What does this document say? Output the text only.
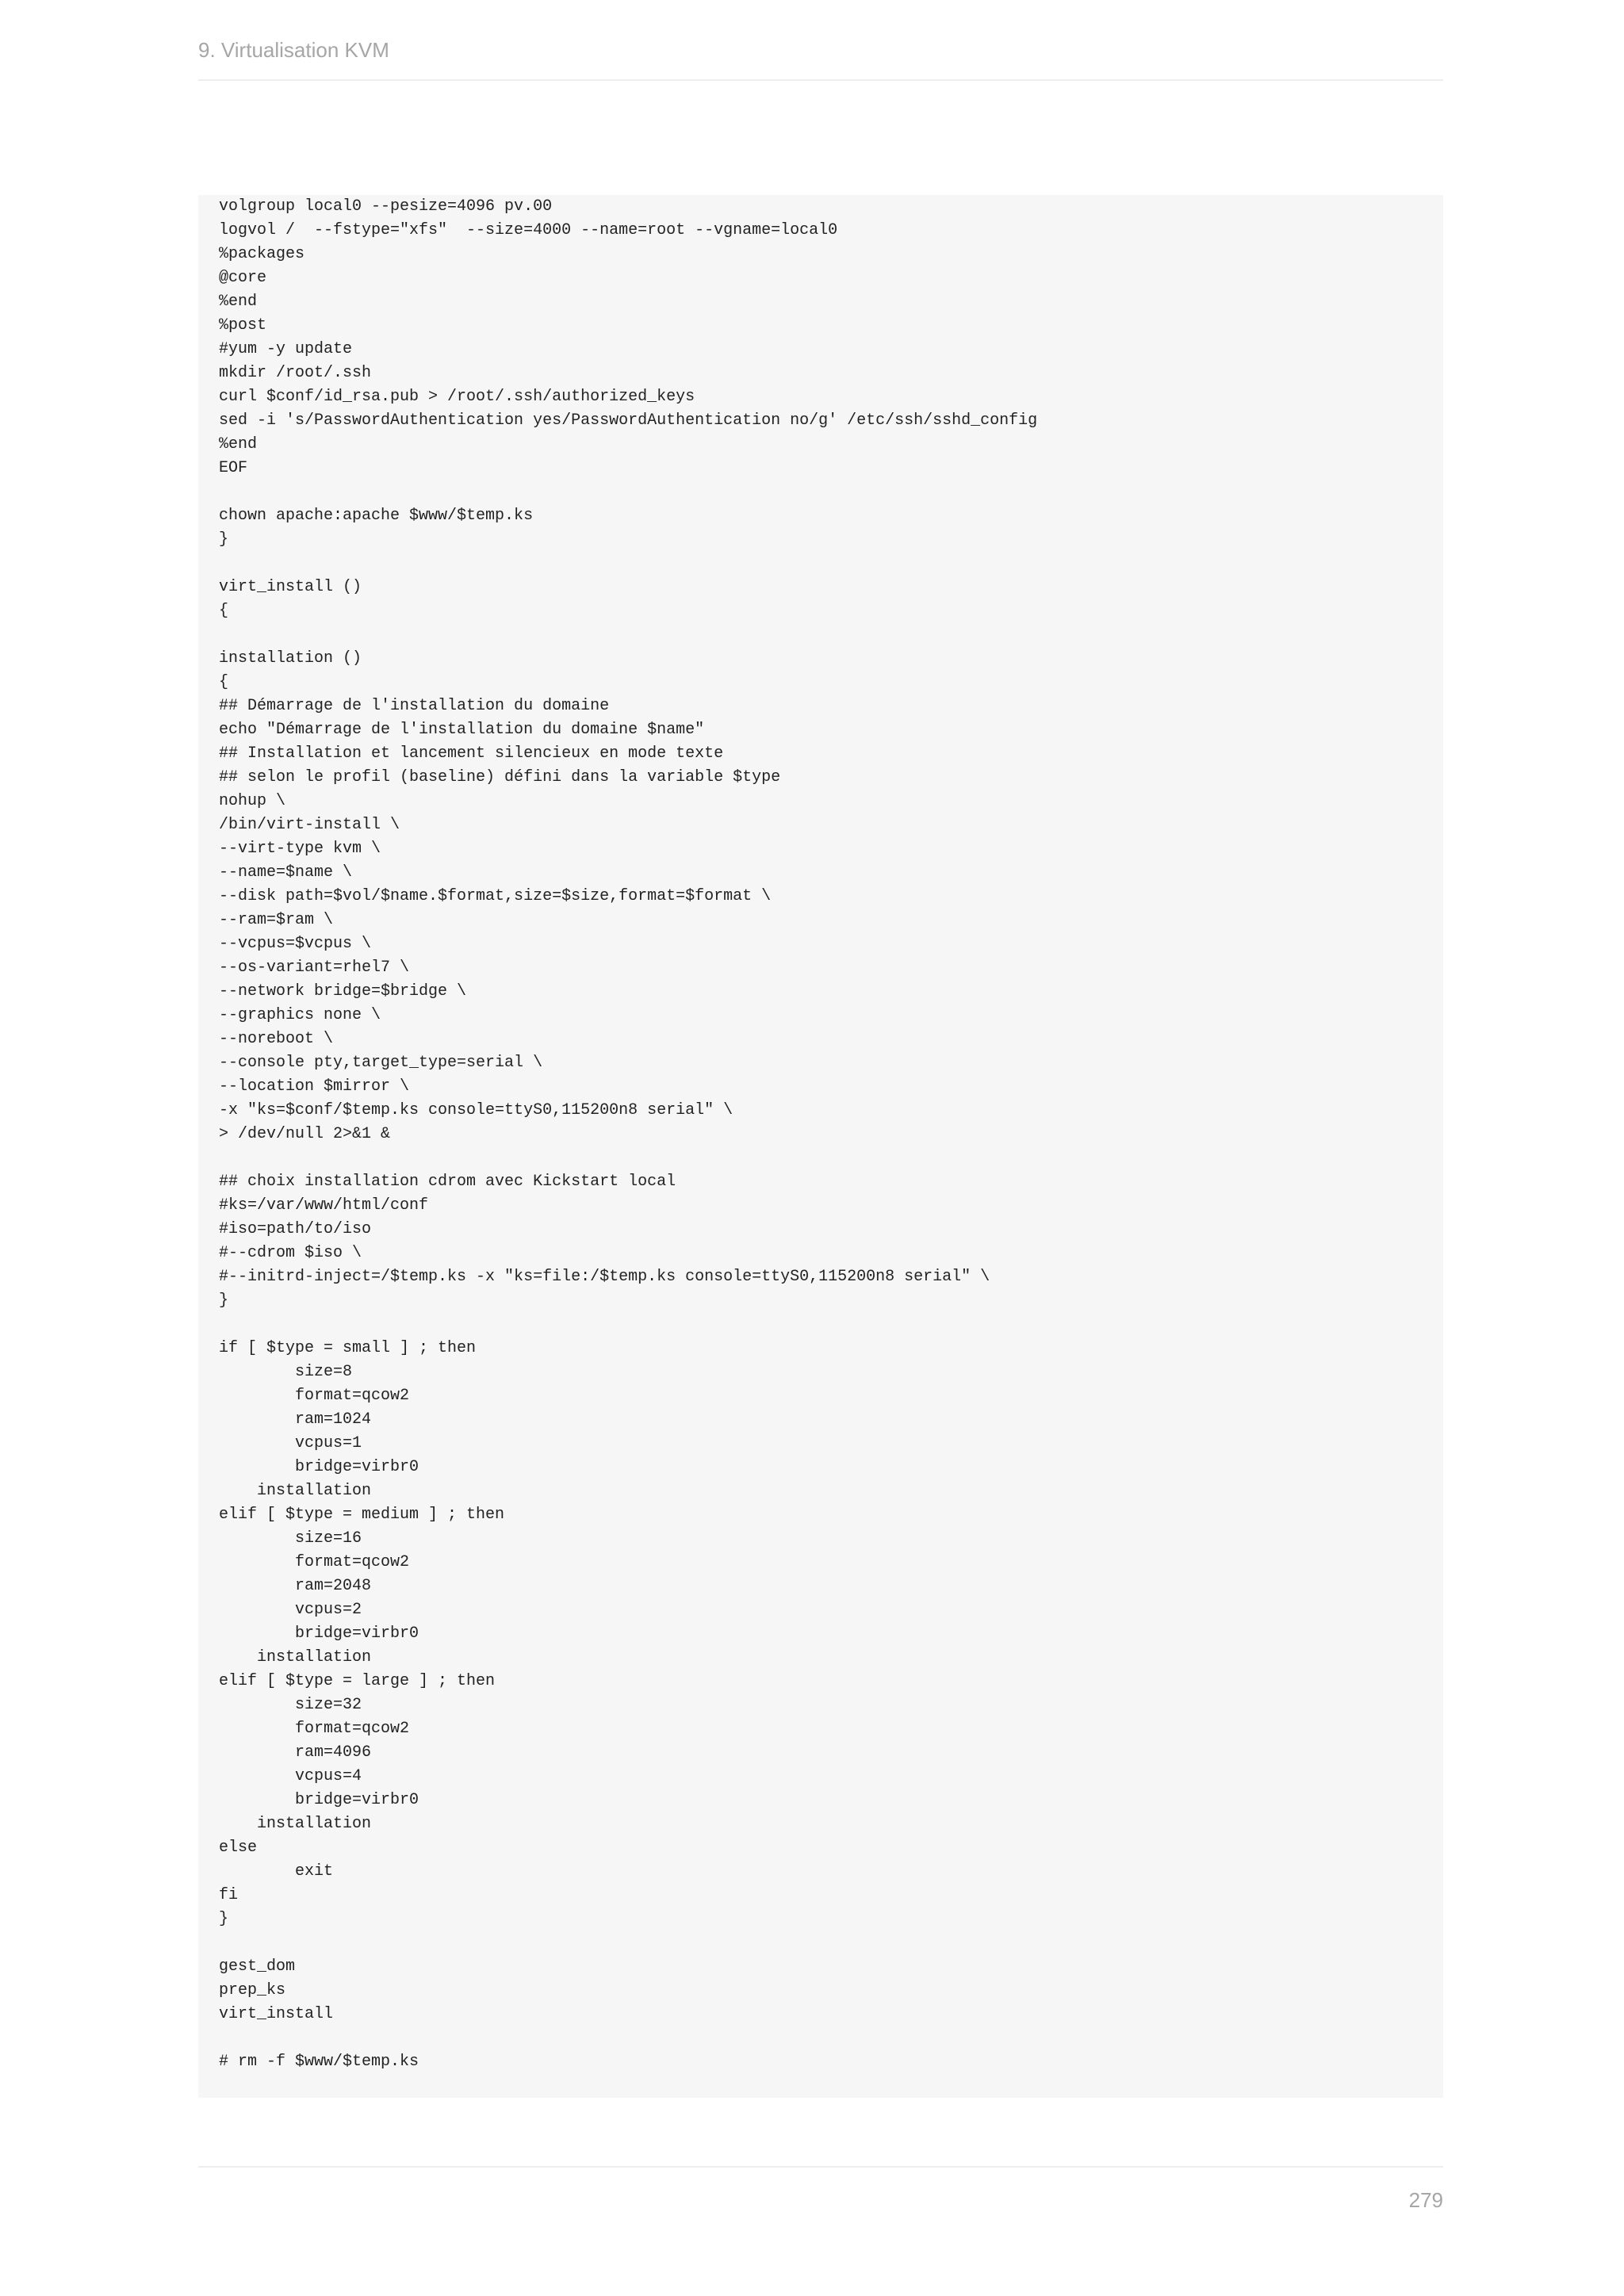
9. Virtualisation KVM
volgroup local0 --pesize=4096 pv.00
logvol /  --fstype="xfs"  --size=4000 --name=root --vgname=local0
%packages
@core
%end
%post
#yum -y update
mkdir /root/.ssh
curl $conf/id_rsa.pub > /root/.ssh/authorized_keys
sed -i 's/PasswordAuthentication yes/PasswordAuthentication no/g' /etc/ssh/sshd_config
%end
EOF
chown apache:apache $www/$temp.ks
}
virt_install ()
{
installation ()
{
## Démarrage de l'installation du domaine
echo "Démarrage de l'installation du domaine $name"
## Installation et lancement silencieux en mode texte
## selon le profil (baseline) défini dans la variable $type
nohup \
/bin/virt-install \
--virt-type kvm \
--name=$name \
--disk path=$vol/$name.$format,size=$size,format=$format \
--ram=$ram \
--vcpus=$vcpus \
--os-variant=rhel7 \
--network bridge=$bridge \
--graphics none \
--noreboot \
--console pty,target_type=serial \
--location $mirror \
-x "ks=$conf/$temp.ks console=ttyS0,115200n8 serial" \
> /dev/null 2>&1 &
## choix installation cdrom avec Kickstart local
#ks=/var/www/html/conf
#iso=path/to/iso
#--cdrom $iso \
#--initrd-inject=/$temp.ks -x "ks=file:/$temp.ks console=ttyS0,115200n8 serial" \
}
if [ $type = small ] ; then
size=8
format=qcow2
ram=1024
vcpus=1
bridge=virbr0
installation
elif [ $type = medium ] ; then
size=16
format=qcow2
ram=2048
vcpus=2
bridge=virbr0
installation
elif [ $type = large ] ; then
size=32
format=qcow2
ram=4096
vcpus=4
bridge=virbr0
installation
else
exit
fi
}
gest_dom
prep_ks
virt_install
# rm -f $www/$temp.ks
279
